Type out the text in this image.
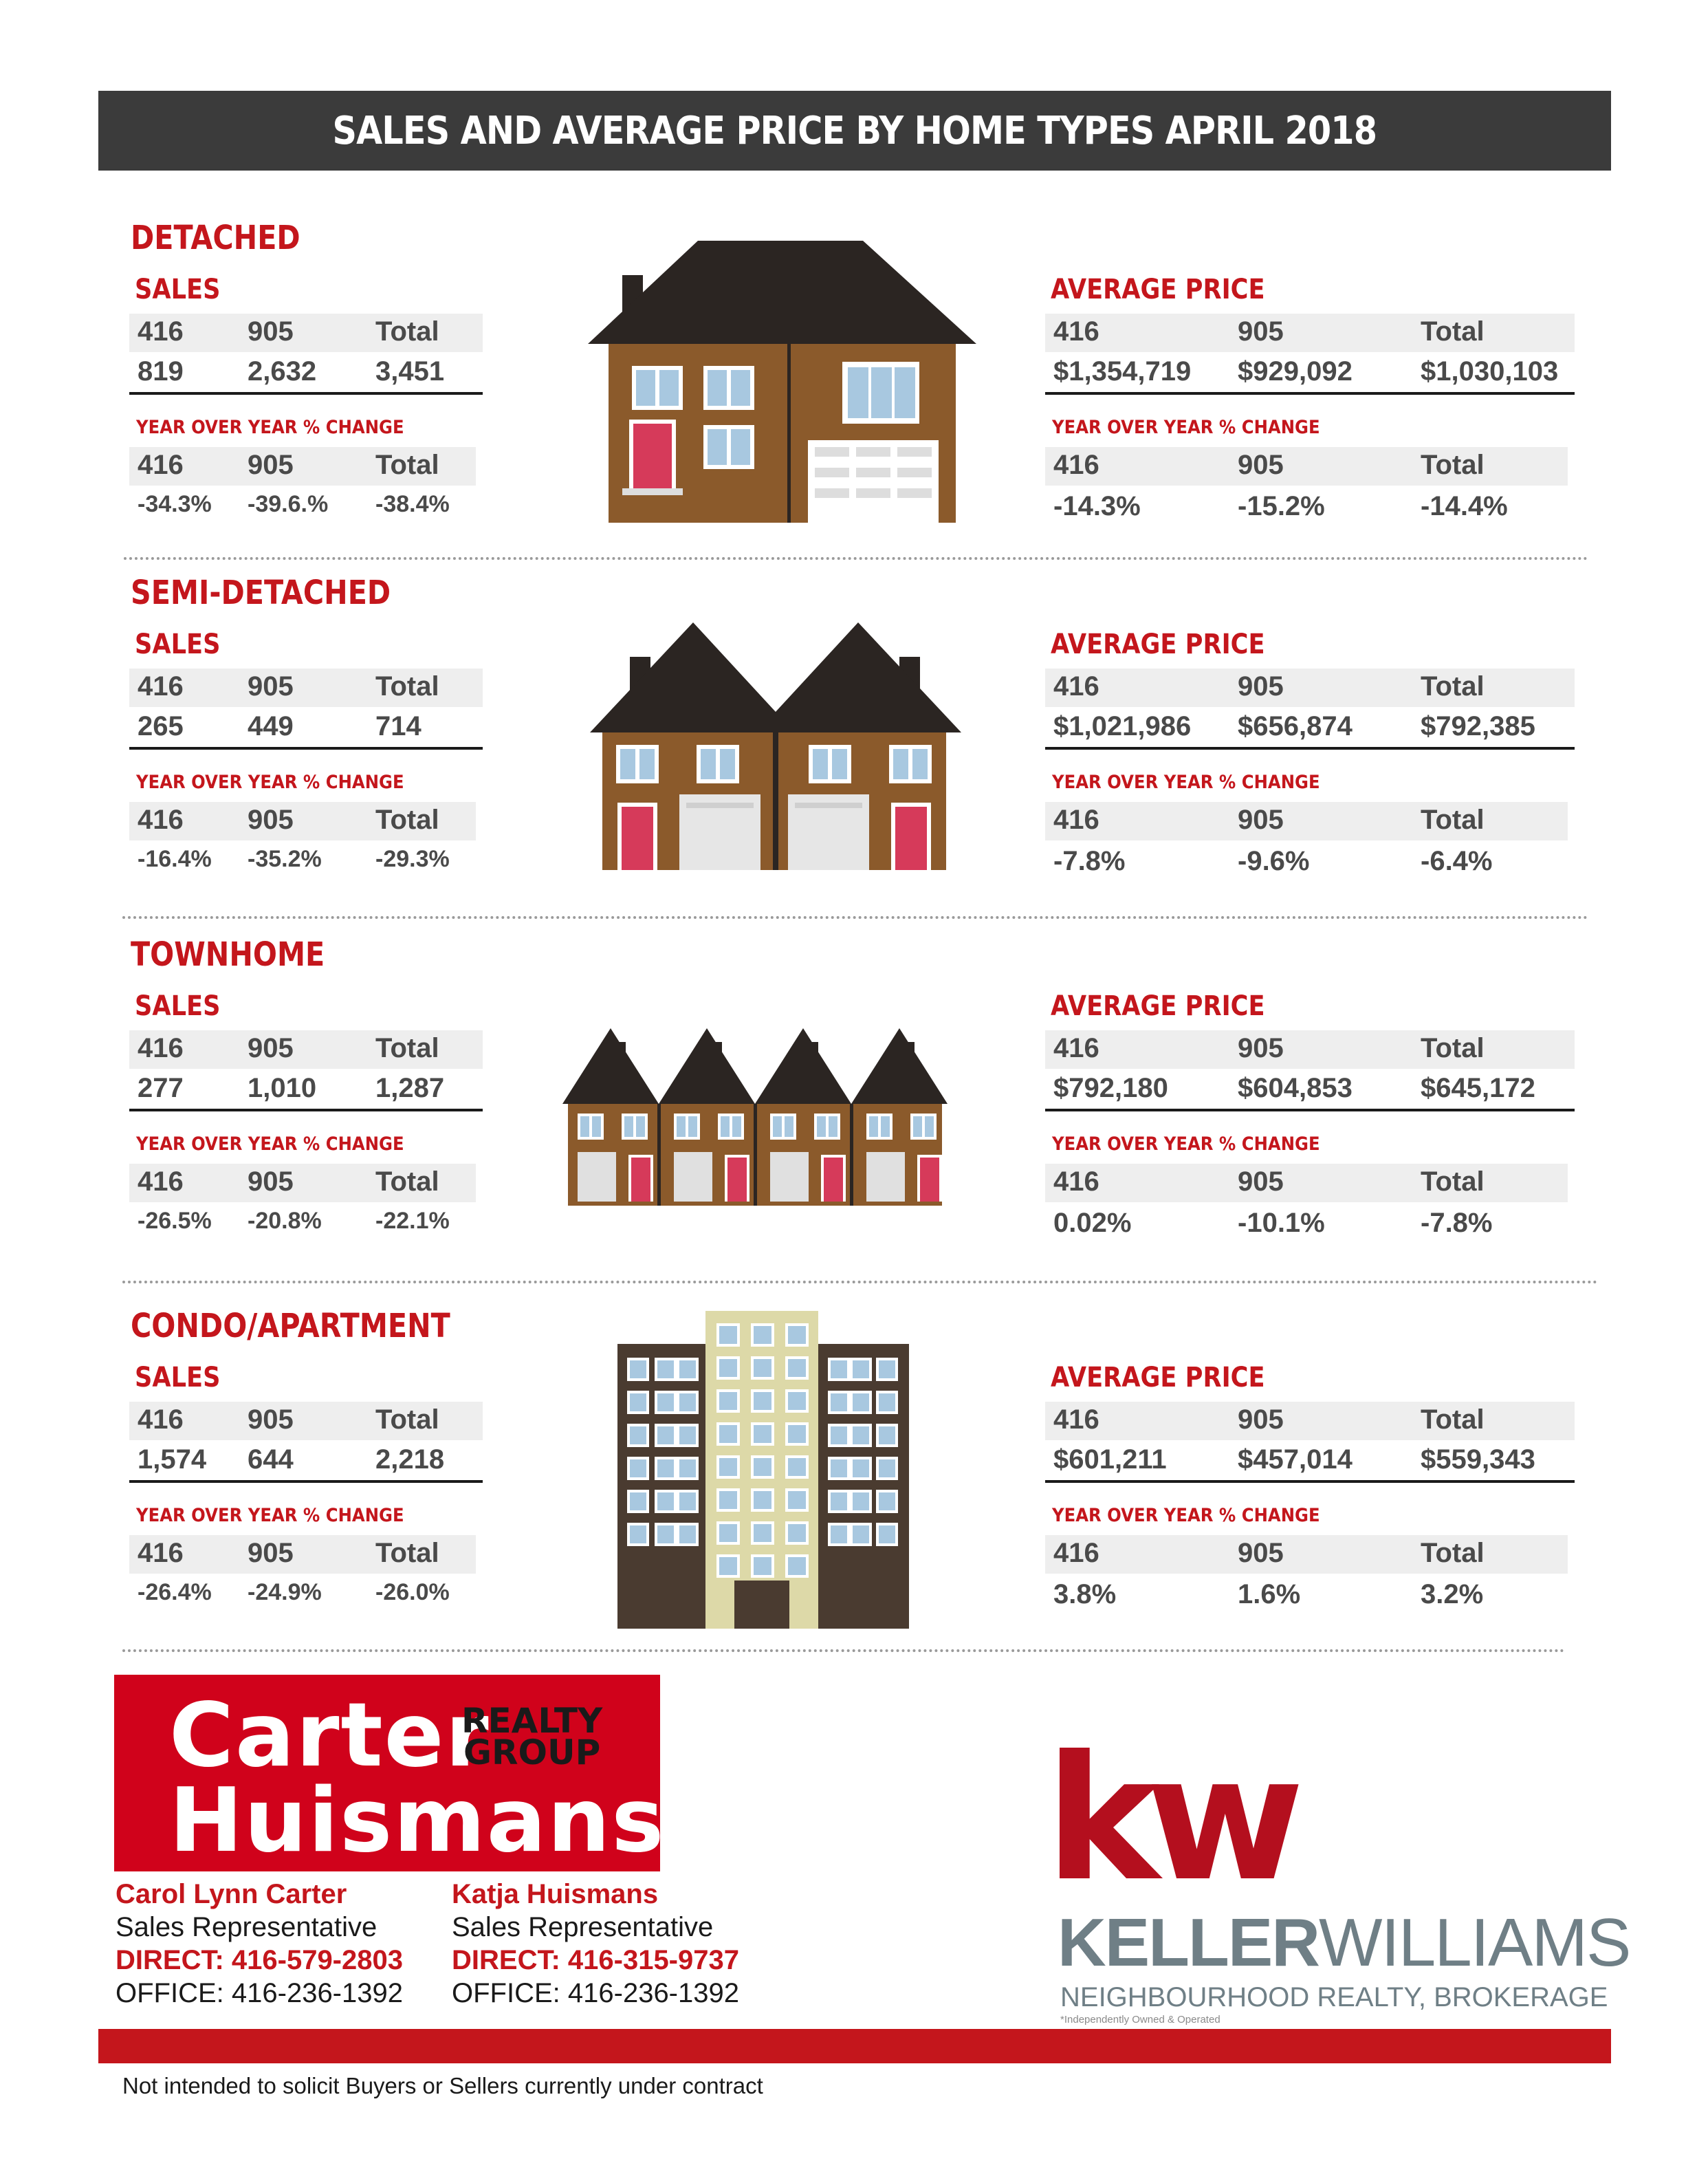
SALES AND AVERAGE PRICE BY HOME TYPES APRIL 2018
DETACHED
SALES
416 905	Total
819 2,632 3,451
YEAR OVER YEAR % CHANGE
416 905	Total
-34.3% -39.6.% -38.4%
AVERAGE PRICE
416	905	Total
$1,354,719 $929,092 $1,030,103
YEAR OVER YEAR % CHANGE
416	905	Total
-14.3%	-15.2%	-14.4%
SEMI-DETACHED
SALES
416 905	Total
265 449	714
YEAR OVER YEAR % CHANGE
416 905	Total
-16.4% -35.2% -29.3%
AVERAGE PRICE
416	905	Total
$1,021,986 $656,874 $792,385
YEAR OVER YEAR % CHANGE
416	905	Total
-7.8%	-9.6%	-6.4%
TOWNHOME
SALES
416 905	Total
277 1,010 1,287
YEAR OVER YEAR % CHANGE
416 905	Total
-26.5% -20.8% -22.1%
AVERAGE PRICE
416	905	Total
$792,180	$604,853 $645,172
YEAR OVER YEAR % CHANGE
416	905	Total
0.02%	-10.1%	-7.8%
CONDO/APARTMENT
SALES
416 905	Total
1,574 644	2,218
YEAR OVER YEAR % CHANGE
416 905	Total
-26.4% -24.9% -26.0%
AVERAGE PRICE
416	905	Total
$601,211	$457,014 $559,343
YEAR OVER YEAR % CHANGE
416	905	Total
3.8%	1.6%	3.2%
Carter
Huismans
REALTY
GROUP
Carol Lynn Carter
Sales Representative
DIRECT: 416-579-2803
OFFICE: 416-236-1392
Katja Huismans
Sales Representative
DIRECT: 416-315-9737
OFFICE: 416-236-1392
kw
KELLERWILLIAMS
NEIGHBOURHOOD REALTY, BROKERAGE
*Independently Owned & Operated
Not intended to solicit Buyers or Sellers currently under contract
